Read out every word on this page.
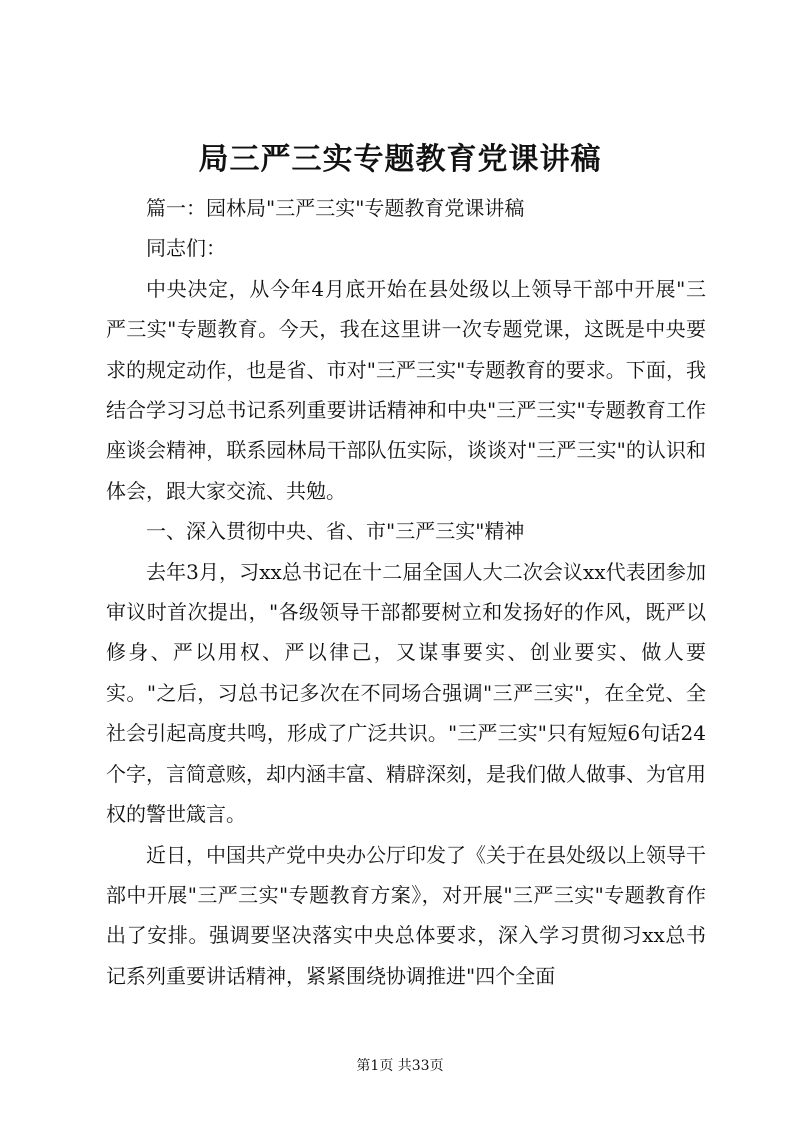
局三严三实专题教育党课讲稿

篇一：园林局"三严三实"专题教育党课讲稿

同志们：

中央决定，从今年4月底开始在县处级以上领导干部中开展"三严三实"专题教育。今天，我在这里讲一次专题党课，这既是中央要求的规定动作，也是省、市对"三严三实"专题教育的要求。下面，我结合学习习总书记系列重要讲话精神和中央"三严三实"专题教育工作座谈会精神，联系园林局干部队伍实际，谈谈对"三严三实"的认识和体会，跟大家交流、共勉。

一、深入贯彻中央、省、市"三严三实"精神

去年3月，习xx总书记在十二届全国人大二次会议xx代表团参加审议时首次提出，"各级领导干部都要树立和发扬好的作风，既严以修身、严以用权、严以律己，又谋事要实、创业要实、做人要实。"之后，习总书记多次在不同场合强调"三严三实"，在全党、全社会引起高度共鸣，形成了广泛共识。"三严三实"只有短短6句话24个字，言简意赅，却内涵丰富、精辟深刻，是我们做人做事、为官用权的警世箴言。

近日，中国共产党中央办公厅印发了《关于在县处级以上领导干部中开展"三严三实"专题教育方案》，对开展"三严三实"专题教育作出了安排。强调要坚决落实中央总体要求，深入学习贯彻习xx总书记系列重要讲话精神，紧紧围绕协调推进"四个全面

第1页 共33页
